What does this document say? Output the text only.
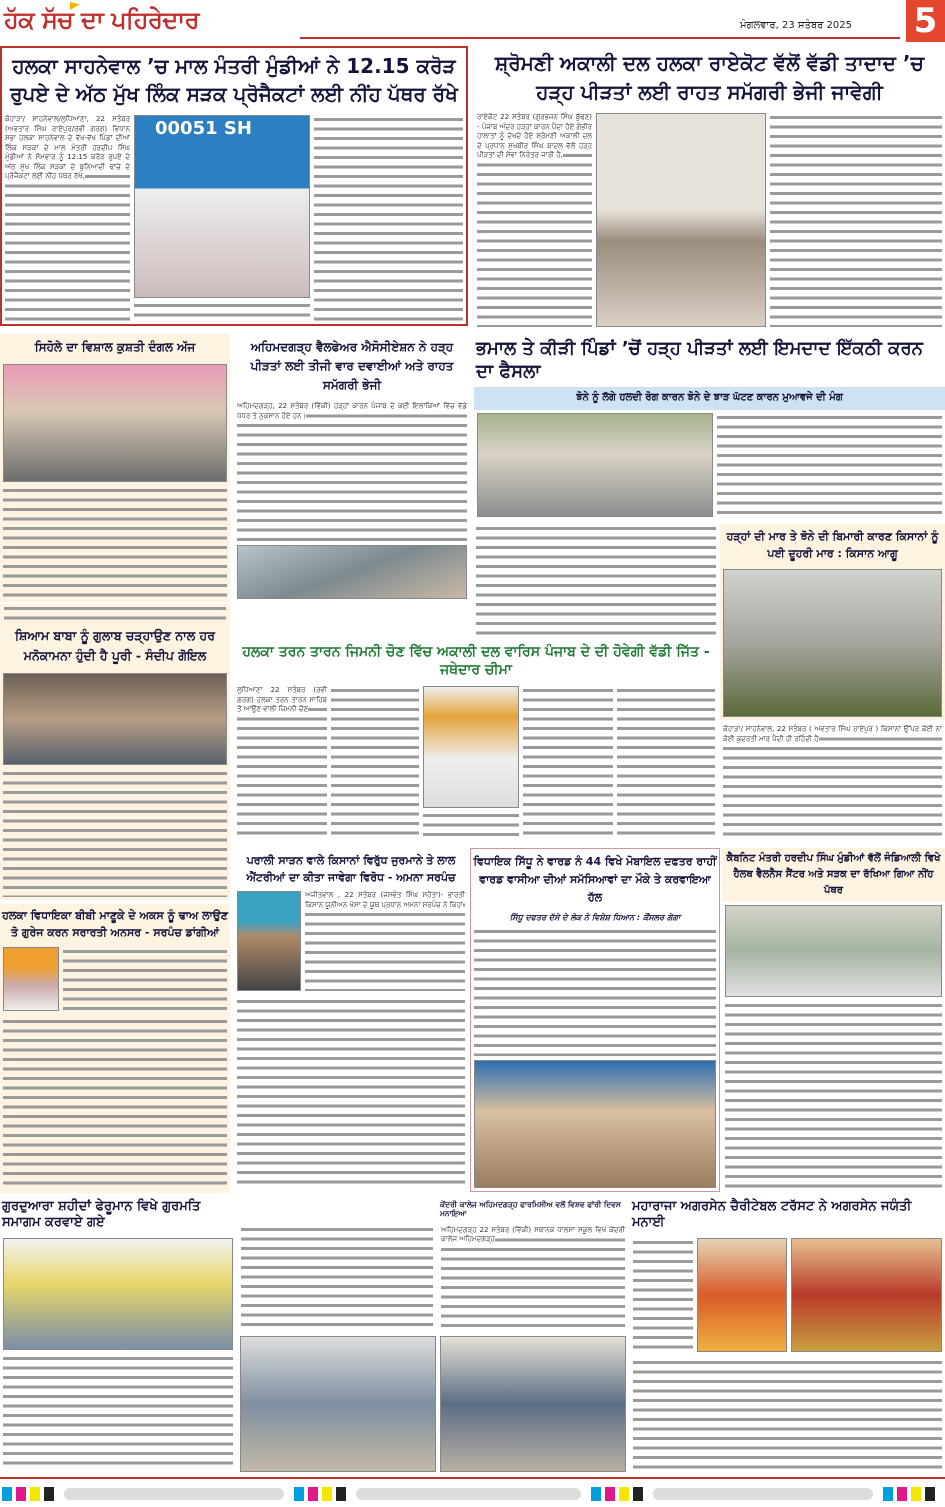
ਹੱਕ ਸੱਚ ਦਾ ਪਹਿਰੇਦਾਰ	ਮੰਗਲਵਾਰ, 23 ਸਤੰਬਰ 2025 5
ਹਲਕਾ ਸਾਹਨੇਵਾਲ ’ਚ ਮਾਲ ਮੰਤਰੀ ਮੁੰਡੀਆਂ ਨੇ 12.15 ਕਰੋੜ ਰੁਪਏ ਦੇ ਅੱਠ ਮੁੱਖ ਲਿੰਕ ਸੜਕ ਪ੍ਰੋਜੈਕਟਾਂ ਲਈ ਨੀਂਹ ਪੱਥਰ ਰੱਖੇ
ਕੋਹਾੜਾ/ ਸਾਹਨੇਵਾਲ/ਲੁਧਿਆਣਾ, 22 ਸਤੰਬਰ (ਅਵਤਾਰ ਸਿੰਘ ਰਾਏਪੁਰ/ਰਵੀ ਗਰਗ) ਵਿਧਾਨ ਸਭਾ ਹਲਕਾ ਸਾਹਨੇਵਾਲ ਦੇ ਵੱਖ-ਵੱਖ ਪਿੰਡਾਂ ਦੀਆਂ ਲਿੰਕ ਸੜਕਾਂ ਦੇ ਮਾਲ ਮੰਤਰੀ ਹਰਦੀਪ ਸਿੰਘ ਮੁੰਡੀਆਂ ਨੇ ਸੋਮਵਾਰ ਨੂੰ 12.15 ਕਰੋੜ ਰੁਪਏ ਦੇ ਅੱਠ ਮੁੱਖ ਲਿੰਕ ਸੜਕਾਂ ਦੇ ਬੁਨਿਆਦੀ ਢਾਂਚੇ ਦੇ ਪ੍ਰੋਜੈਕਟਾਂ ਲਈ ਨੀਂਹ ਪੱਥਰ ਰੱਖੇ,
00051 SH
ਸ਼੍ਰੋਮਣੀ ਅਕਾਲੀ ਦਲ ਹਲਕਾ ਰਾਏਕੋਟ ਵੱਲੋਂ ਵੱਡੀ ਤਾਦਾਦ ’ਚ ਹੜ੍ਹ ਪੀੜਤਾਂ ਲਈ ਰਾਹਤ ਸਮੱਗਰੀ ਭੇਜੀ ਜਾਵੇਗੀ
ਰਾਏਕੋਟ 22 ਸਤੰਬਰ (ਗੁਰਭਜਨ ਸਿੰਘ ਬੁੱਢਣ) - ਪੰਜਾਬ ਅੰਦਰ ਹੜ੍ਹਾਂ ਕਾਰਨ ਪੈਦਾ ਹੋਏ ਗੰਭੀਰ ਹਾਲਾਤਾਂ ਨੂੰ ਦੇਖਦੇ ਹੋਏ ਸ਼੍ਰੋਮਣੀ ਅਕਾਲੀ ਦਲ ਦੇ ਪ੍ਰਧਾਨ ਸੁਖਬੀਰ ਸਿੰਘ ਬਾਦਲ ਵੱਲੋਂ ਹੜ੍ਹ ਪੀੜਤਾਂ ਦੀ ਸੇਵਾ ਨਿਰੰਤਰ ਜਾਰੀ ਹੈ,
ਸਿਹੋਲੇ ਦਾ ਵਿਸ਼ਾਲ ਕੁਸ਼ਤੀ ਦੰਗਲ ਅੱਜ	ਅਹਿਮਦਗੜ੍ਹ ਵੈਲਫੇਅਰ ਐਸੋਸੀਏਸ਼ਨ ਨੇ ਹੜ੍ਹ ਪੀੜਤਾਂ ਲਈ ਤੀਜੀ ਵਾਰ ਦਵਾਈਆਂ ਅਤੇ ਰਾਹਤ ਸਮੱਗਰੀ ਭੇਜੀ
ਅਹਿਮਦਗੜ੍ਹ, 22 ਸਤੰਬਰ (ਵਿੱਕੀ) ਹੜ੍ਹਾਂ ਕਾਰਨ ਪੰਜਾਬ ਦੇ ਕਈ ਇਲਾਕਿਆਂ ਵਿੱਚ ਵੱਡੇ ਪੱਧਰ ਤੇ ਨੁਕਸਾਨ ਹੋਏ ਹਨ।
ਭਮਾਲ ਤੇ ਕੀੜੀ ਪਿੰਡਾਂ ’ਚੋਂ ਹੜ੍ਹ ਪੀੜਤਾਂ ਲਈ ਇਮਦਾਦ ਇੱਕਠੀ ਕਰਨ ਦਾ ਫੈਸਲਾ
ਝੋਨੇ ਨੂੰ ਲੱਗੇ ਹਲਦੀ ਰੋਗ ਕਾਰਨ ਝੋਨੇ ਦੇ ਝਾੜ ਘੱਟਣ ਕਾਰਨ ਮੁਆਵਜੇ ਦੀ ਮੰਗ
ਹੜ੍ਹਾਂ ਦੀ ਮਾਰ ਤੇ ਝੋਨੇ ਦੀ ਬਿਮਾਰੀ ਕਾਰਣ ਕਿਸਾਨਾਂ ਨੂੰ ਪਈ ਦੂਹਰੀ ਮਾਰ : ਕਿਸਾਨ ਆਗੂ
ਕੋਹਾੜਾ/ ਸਾਹਨੇਵਾਲ, 22 ਸਤੰਬਰ ( ਅਵਤਾਰ ਸਿੰਘ ਰਾਏਪੁਰ ) ਕਿਸਾਨਾਂ ਉੱਪਰ ਕੋਈ ਨਾ ਕੋਈ ਕੁਦਰਤੀ ਮਾਰ ਪੈਂਦੀ ਹੀ ਰਹਿੰਦੀ ਹੈ
ਸ਼ਿਆਮ ਬਾਬਾ ਨੂੰ ਗੁਲਾਬ ਚੜ੍ਹਾਉਣ ਨਾਲ ਹਰ ਮਨੋਕਾਮਨਾ ਹੁੰਦੀ ਹੈ ਪੂਰੀ - ਸੰਦੀਪ ਗੋਇਲ	ਹਲਕਾ ਤਰਨ ਤਾਰਨ ਜਿਮਨੀ ਚੋਣ ਵਿੱਚ ਅਕਾਲੀ ਦਲ ਵਾਰਿਸ ਪੰਜਾਬ ਦੇ ਦੀ ਹੋਵੇਗੀ ਵੱਡੀ ਜਿੱਤ - ਜਥੇਦਾਰ ਚੀਮਾ
ਲੁਧਿਆਣਾ 22 ਸਤੰਬਰ (ਰਵੀ ਗਰਗ) ਹਲਕਾ ਤਰਨ ਤਾਰਨ ਸਾਹਿਬ ਤੋਂ ਆਉਣ ਵਾਲੀ ਜਿਮਨੀ ਚੋਣ
ਵਿਧਾਇਕ ਸਿੱਧੂ ਨੇ ਵਾਰਡ ਨੰ 44 ਵਿਖੇ ਮੋਬਾਇਲ ਦਫਤਰ ਰਾਹੀਂ ਵਾਰਡ ਵਾਸੀਆ ਦੀਆਂ ਸਮੱਸਿਆਵਾਂ ਦਾ ਮੌਕੇ ਤੇ ਕਰਵਾਇਆ ਹੱਲ
ਸਿੱਧੂ ਦਫਤਰ ਦੱਸੋ ਦੇ ਲੋਕ ਨੇ ਵਿਸ਼ੇਸ਼ ਧਿਆਨ : ਕੌਂਸਲਰ ਗੋਗਾ
ਕੈਬਨਿਟ ਮੰਤਰੀ ਹਰਦੀਪ ਸਿੰਘ ਮੁੰਡੀਆਂ ਵੱਲੋਂ ਜੰਡਿਆਲੀ ਵਿਖੇ ਹੈਲਥ ਵੈਲਨੈਸ ਸੈਂਟਰ ਅਤੇ ਸੜਕ ਦਾ ਰੱਖਿਆ ਗਿਆ ਨੀਂਹ ਪੱਥਰ
ਪਰਾਲੀ ਸਾੜਨ ਵਾਲੇ ਕਿਸਾਨਾਂ ਵਿਰੁੱਧ ਜੁਰਮਾਨੇ ਤੇ ਲਾਲ ਐਂਟਰੀਆਂ ਦਾ ਕੀਤਾ ਜਾਵੇਗਾ ਵਿਰੋਧ - ਅਮਨਾ ਸਰਪੰਚ
ਅਜੀਤਵਾਲ , 22 ਸਤੰਬਰ (ਜਸਵੰਤ ਸਿੰਘ ਸਹੋਤਾ)- ਭਾਰਤੀ ਕਿਸਾਨ ਯੂਨੀਅਨ ਖੋਸਾ ਦੇ ਯੂਥ ਪ੍ਰਧਾਨ ਅਮਨਾ ਸਰਪੰਚ ਨੇ ਕਿਹਾ
ਹਲਕਾ ਵਿਧਾਇਕਾ ਬੀਬੀ ਮਾਣੂਕੇ ਦੇ ਅਕਸ ਨੂੰ ਢਾਅ ਲਾਉਣ ਤੋ ਗੁਰੇਜ ਕਰਨ ਸਰਾਰਤੀ ਅਨਸਰ - ਸਰਪੰਚ ਡਾਂਗੀਆਂ
ਗੁਰਦੁਆਰਾ ਸ਼ਹੀਦਾਂ ਫੇਰੂਮਾਨ ਵਿਖੇ ਗੁਰਮਤਿ ਸਮਾਗਮ ਕਰਵਾਏ ਗਏ
ਕੇਂਦਰੀ ਕਾਲੇਜ ਅਹਿਮਦਗੜ੍ਹ ਫਾਰਮਿਸੀਅ ਵਲੋਂ ਵਿਸ਼ਵ ਫਾਂਰੀ ਦਿਵਸ ਮਨਾਇਆ
ਅਹਿਮਦਗੜ੍ਹ 22 ਸਤੰਬਰ (ਵਿੱਕੀ) ਸਥਾਨਕ ਧਾਲਸਾ ਸਕੂਲ ਵਿਖੇ ਕੇਂਦਰੀ ਕਾਲੇਜ ਅਹਿਮਦਗੜ੍ਹ
ਮਹਾਰਾਜਾ ਅਗਰਸੇਨ ਚੈਰੀਟੇਬਲ ਟਰੱਸਟ ਨੇ ਅਗਰਸੇਨ ਜਯੰਤੀ ਮਨਾਈ
